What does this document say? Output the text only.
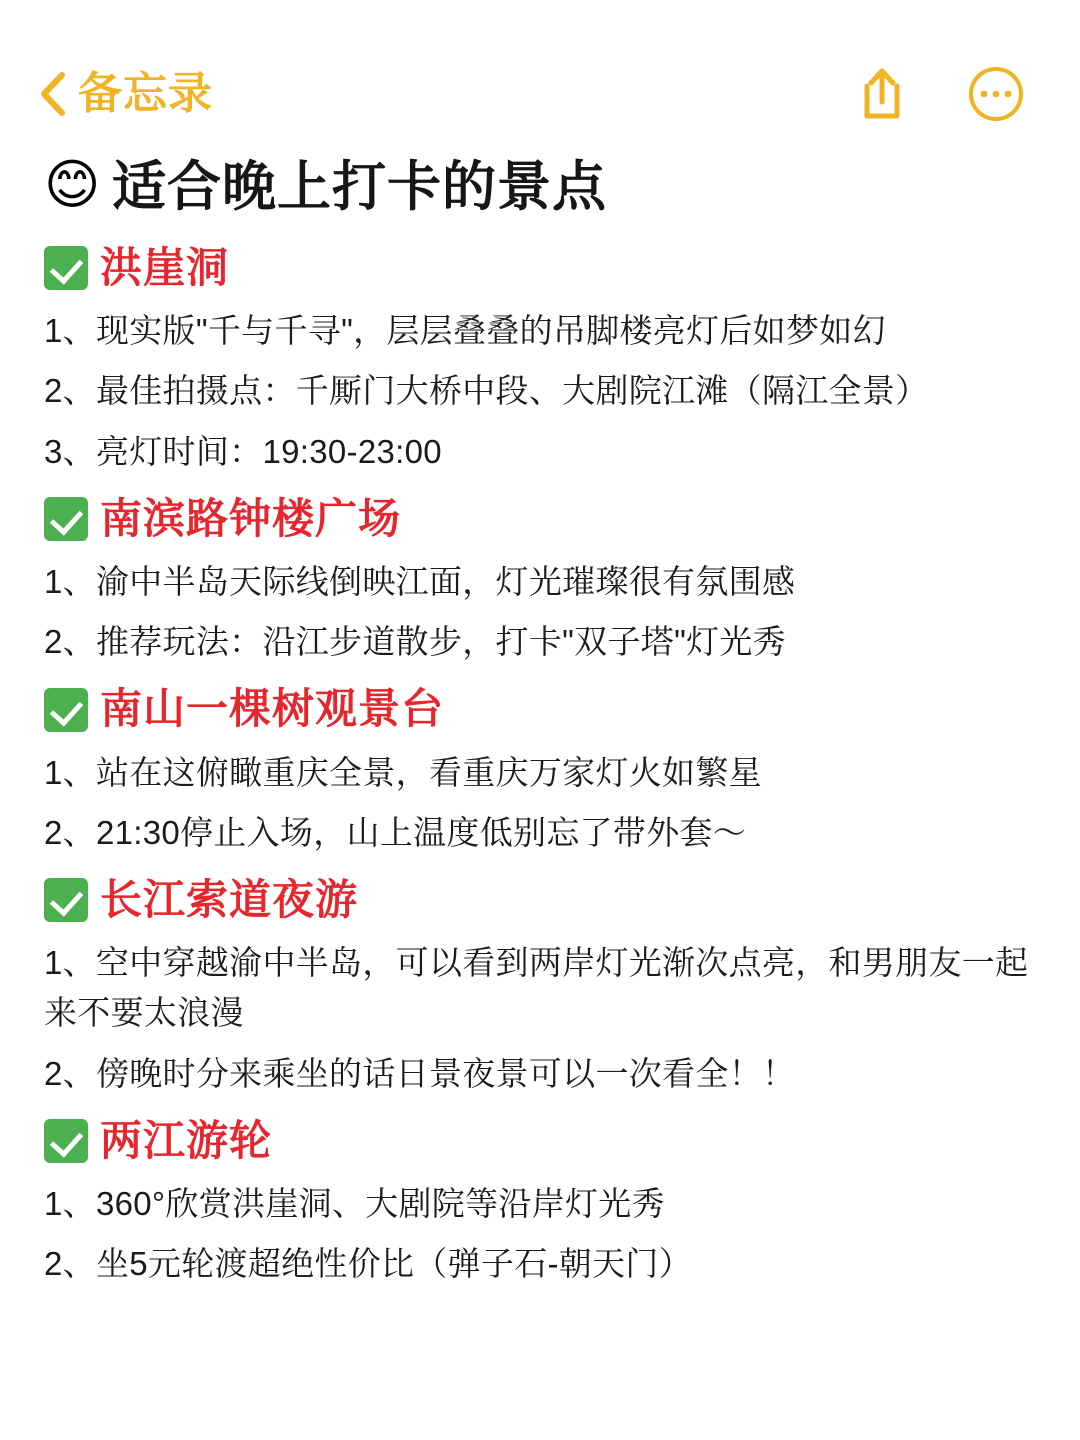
备忘录
😊 适合晚上打卡的景点
洪崖洞
1、现实版"千与千寻"，层层叠叠的吊脚楼亮灯后如梦如幻
2、最佳拍摄点：千厮门大桥中段、大剧院江滩（隔江全景）
3、亮灯时间：19:30-23:00
南滨路钟楼广场
1、渝中半岛天际线倒映江面，灯光璀璨很有氛围感
2、推荐玩法：沿江步道散步，打卡"双子塔"灯光秀
南山一棵树观景台
1、站在这俯瞰重庆全景，看重庆万家灯火如繁星
2、21:30停止入场，山上温度低别忘了带外套～
长江索道夜游
1、空中穿越渝中半岛，可以看到两岸灯光渐次点亮，和男朋友一起来不要太浪漫
2、傍晚时分来乘坐的话日景夜景可以一次看全！！
两江游轮
1、360°欣赏洪崖洞、大剧院等沿岸灯光秀
2、坐5元轮渡超绝性价比（弹子石-朝天门）
